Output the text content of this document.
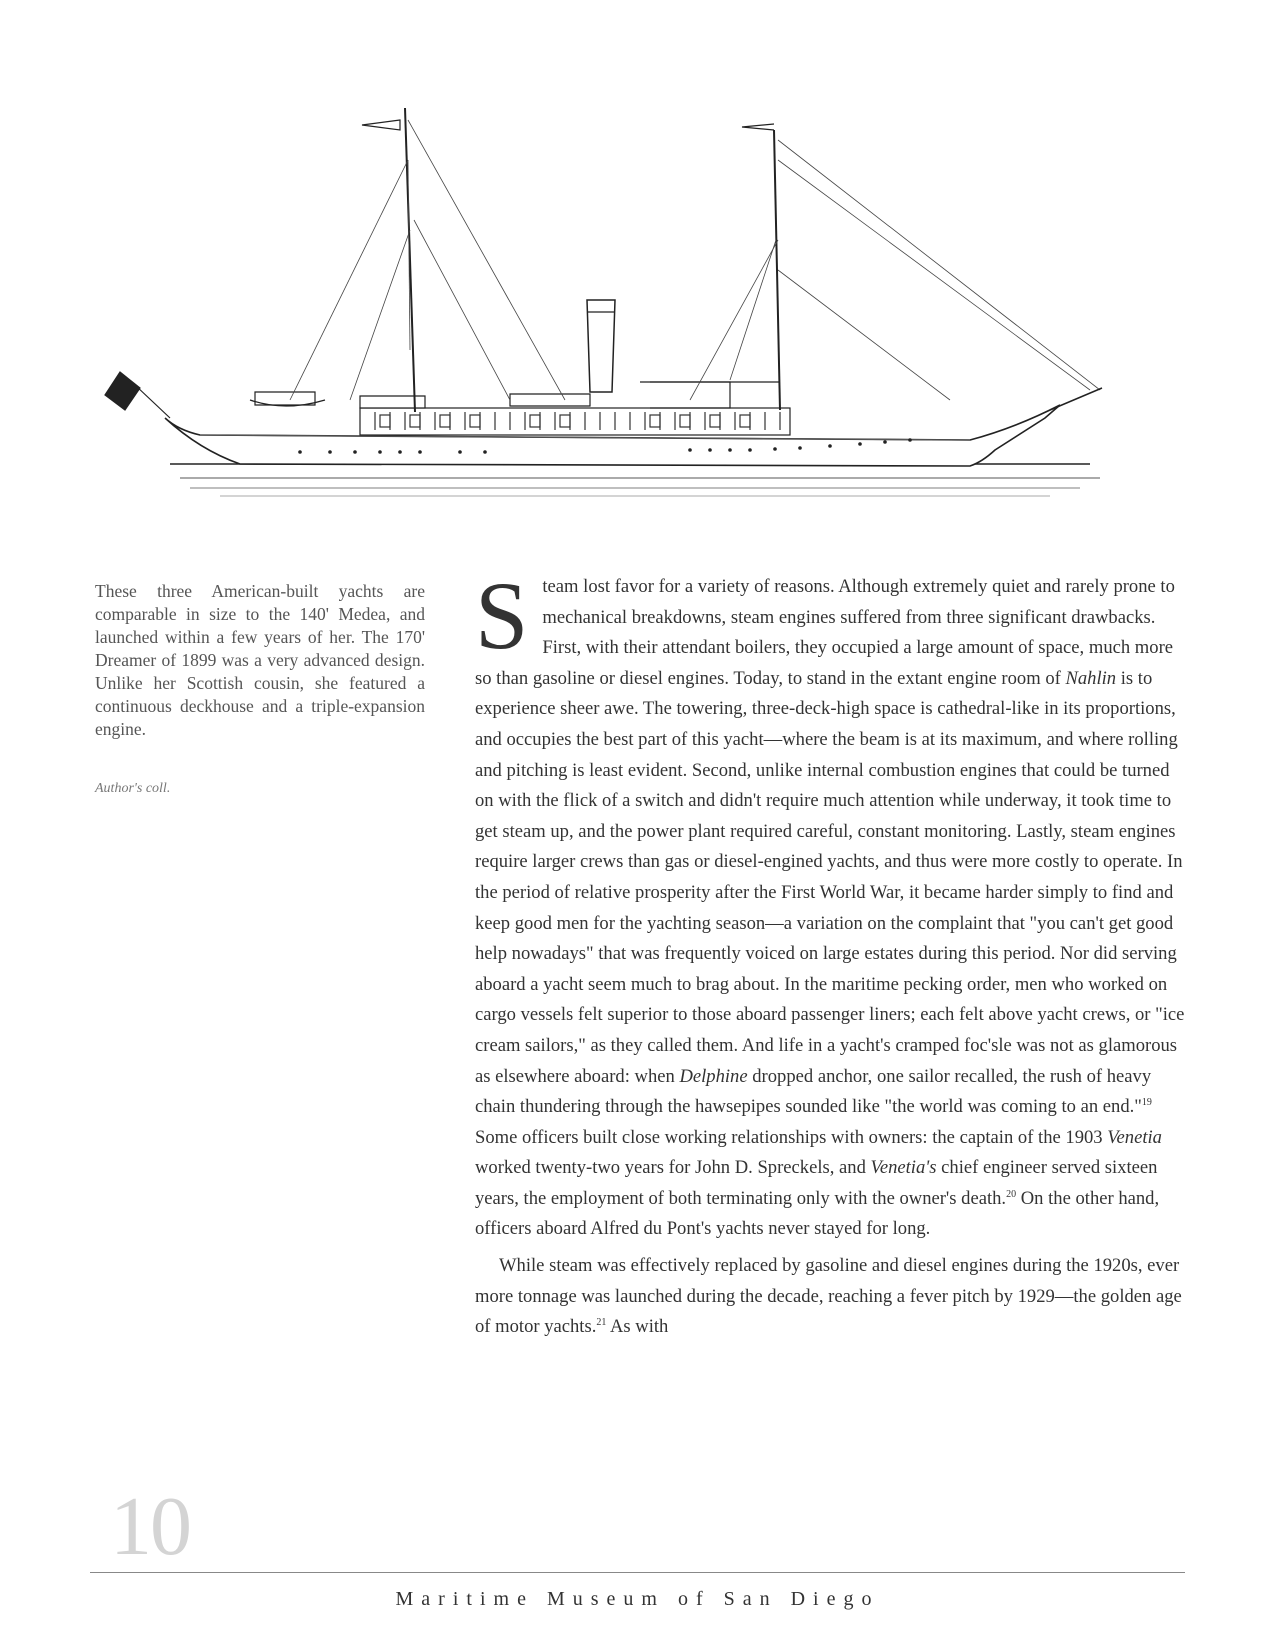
These three American-built yachts are comparable in size to the 140' Medea, and launched within a few years of her. The 170' Dreamer of 1899 was a very advanced design. Unlike her Scottish cousin, she featured a continuous deckhouse and a triple-expansion engine.

Author's coll.

Steam lost favor for a variety of reasons. Although extremely quiet and rarely prone to mechanical breakdowns, steam engines suffered from three significant drawbacks. First, with their attendant boilers, they occupied a large amount of space, much more so than gasoline or diesel engines. Today, to stand in the extant engine room of Nahlin is to experience sheer awe. The towering, three-deck-high space is cathedral-like in its proportions, and occupies the best part of this yacht—where the beam is at its maximum, and where rolling and pitching is least evident. Second, unlike internal combustion engines that could be turned on with the flick of a switch and didn't require much attention while underway, it took time to get steam up, and the power plant required careful, constant monitoring. Lastly, steam engines require larger crews than gas or diesel-engined yachts, and thus were more costly to operate. In the period of relative prosperity after the First World War, it became harder simply to find and keep good men for the yachting season—a variation on the complaint that "you can't get good help nowadays" that was frequently voiced on large estates during this period. Nor did serving aboard a yacht seem much to brag about. In the maritime pecking order, men who worked on cargo vessels felt superior to those aboard passenger liners; each felt above yacht crews, or "ice cream sailors," as they called them. And life in a yacht's cramped foc'sle was not as glamorous as elsewhere aboard: when Delphine dropped anchor, one sailor recalled, the rush of heavy chain thundering through the hawsepipes sounded like "the world was coming to an end."$^{19}$ Some officers built close working relationships with owners: the captain of the 1903 Venetia worked twenty-two years for John D. Spreckels, and Venetia's chief engineer served sixteen years, the employment of both terminating only with the owner's death.$^{20}$ On the other hand, officers aboard Alfred du Pont's yachts never stayed for long.

While steam was effectively replaced by gasoline and diesel engines during the 1920s, ever more tonnage was launched during the decade, reaching a fever pitch by 1929—the golden age of motor yachts.$^{21}$ As with

10
Maritime Museum of San Diego
